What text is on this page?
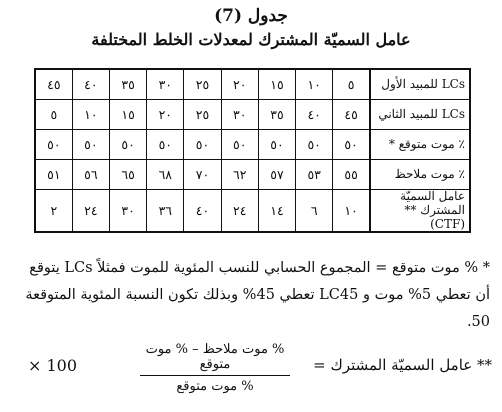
جدول (7)
عامل السميّة المشترك لمعدلات الخلط المختلفة
LCs للمبيد الأول	٥	١٠	١٥	٢٠	٢٥	٣٠	٣٥	٤٠	٤٥
LCs للمبيد الثاني	٤٥	٤٠	٣٥	٣٠	٢٥	٢٠	١٥	١٠	٥
٪ موت متوقع *	٥٠	٥٠	٥٠	٥٠	٥٠	٥٠	٥٠	٥٠	٥٠
٪ موت ملاحظ	٥٥	٥٣	٥٧	٦٢	٧٠	٦٨	٦٥	٥٦	٥١
عامل السميّة المشترك ** (CTF)	١٠	٦	١٤	٢٤	٤٠	٣٦	٣٠	٢٤	٢
* % موت متوقع = المجموع الحسابي للنسب المئوية للموت فمثلاً LCs يتوقع أن تعطي 5% موت و LC45 تعطي 45% وبذلك تكون النسبة المئوية المتوقعة 50.
** عامل السميّة المشترك =
% موت ملاحظ – % موت متوقع
% موت متوقع
× 100
